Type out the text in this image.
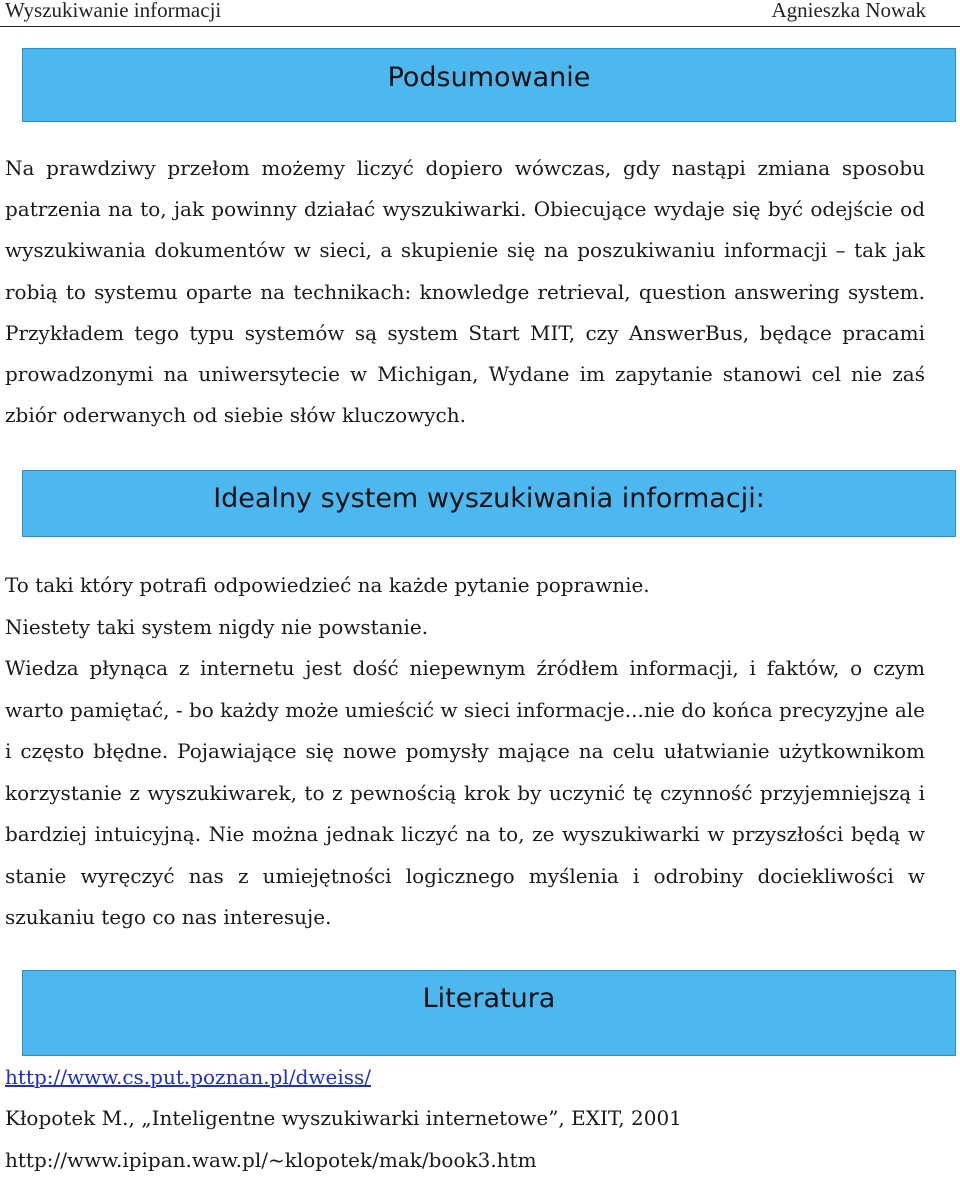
Wyszukiwanie informacji	Agnieszka Nowak
Podsumowanie
Na prawdziwy przełom możemy liczyć dopiero wówczas, gdy nastąpi zmiana sposobu patrzenia na to, jak powinny działać wyszukiwarki. Obiecujące wydaje się być odejście od wyszukiwania dokumentów w sieci, a skupienie się na poszukiwaniu informacji – tak jak robią to systemu oparte na technikach: knowledge retrieval, question answering system. Przykładem tego typu systemów są system Start MIT, czy AnswerBus, będące pracami prowadzonymi na uniwersytecie w Michigan, Wydane im zapytanie stanowi cel nie zaś zbiór oderwanych od siebie słów kluczowych.
Idealny system wyszukiwania informacji:
To taki który potrafi odpowiedzieć na każde pytanie poprawnie.
Niestety taki system nigdy nie powstanie.
Wiedza płynąca z internetu jest dość niepewnym źródłem informacji, i faktów, o czym warto pamiętać, - bo każdy może umieścić w sieci informacje...nie do końca precyzyjne ale i często błędne. Pojawiające się nowe pomysły mające na celu ułatwianie użytkownikom korzystanie z wyszukiwarek, to z pewnością krok by uczynić tę czynność przyjemniejszą i bardziej intuicyjną. Nie można jednak liczyć na to, ze wyszukiwarki w przyszłości będą w stanie wyręczyć nas z umiejętności logicznego myślenia i odrobiny dociekliwości w szukaniu tego co nas interesuje.
Literatura
http://www.cs.put.poznan.pl/dweiss/
Kłopotek M., „Inteligentne wyszukiwarki internetowe”, EXIT, 2001
http://www.ipipan.waw.pl/~klopotek/mak/book3.htm
